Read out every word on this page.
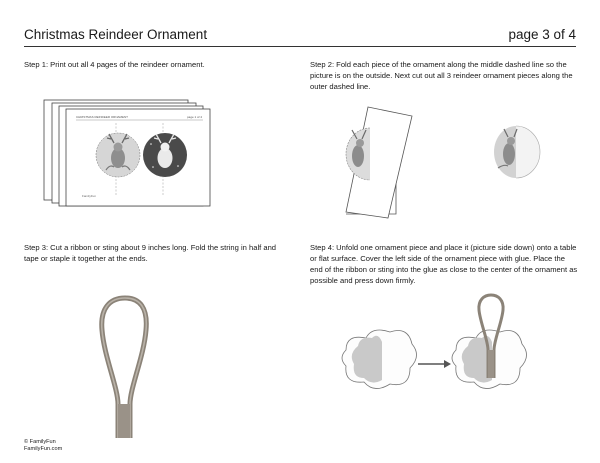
Christmas Reindeer Ornament	page 3 of 4
Step 1: Print out all 4 pages of the reindeer ornament.	Step 2: Fold each piece of the ornament along the middle dashed line so the picture is on the outside. Next cut out all 3 reindeer ornament pieces along the outer dashed line.
Step 3: Cut a ribbon or sting about 9 inches long. Fold the string in half and tape or staple it together at the ends.
Step 4: Unfold one ornament piece and place it (picture side down) onto a table or flat surface. Cover the left side of the ornament piece with glue. Place the end of the ribbon or sting into the glue as close to the center of the ornament as possible and press down firmly.
CHRISTMAS REINDEER ORNAMENT	page 1 of 4
FamilyFun
© FamilyFun
FamilyFun.com
